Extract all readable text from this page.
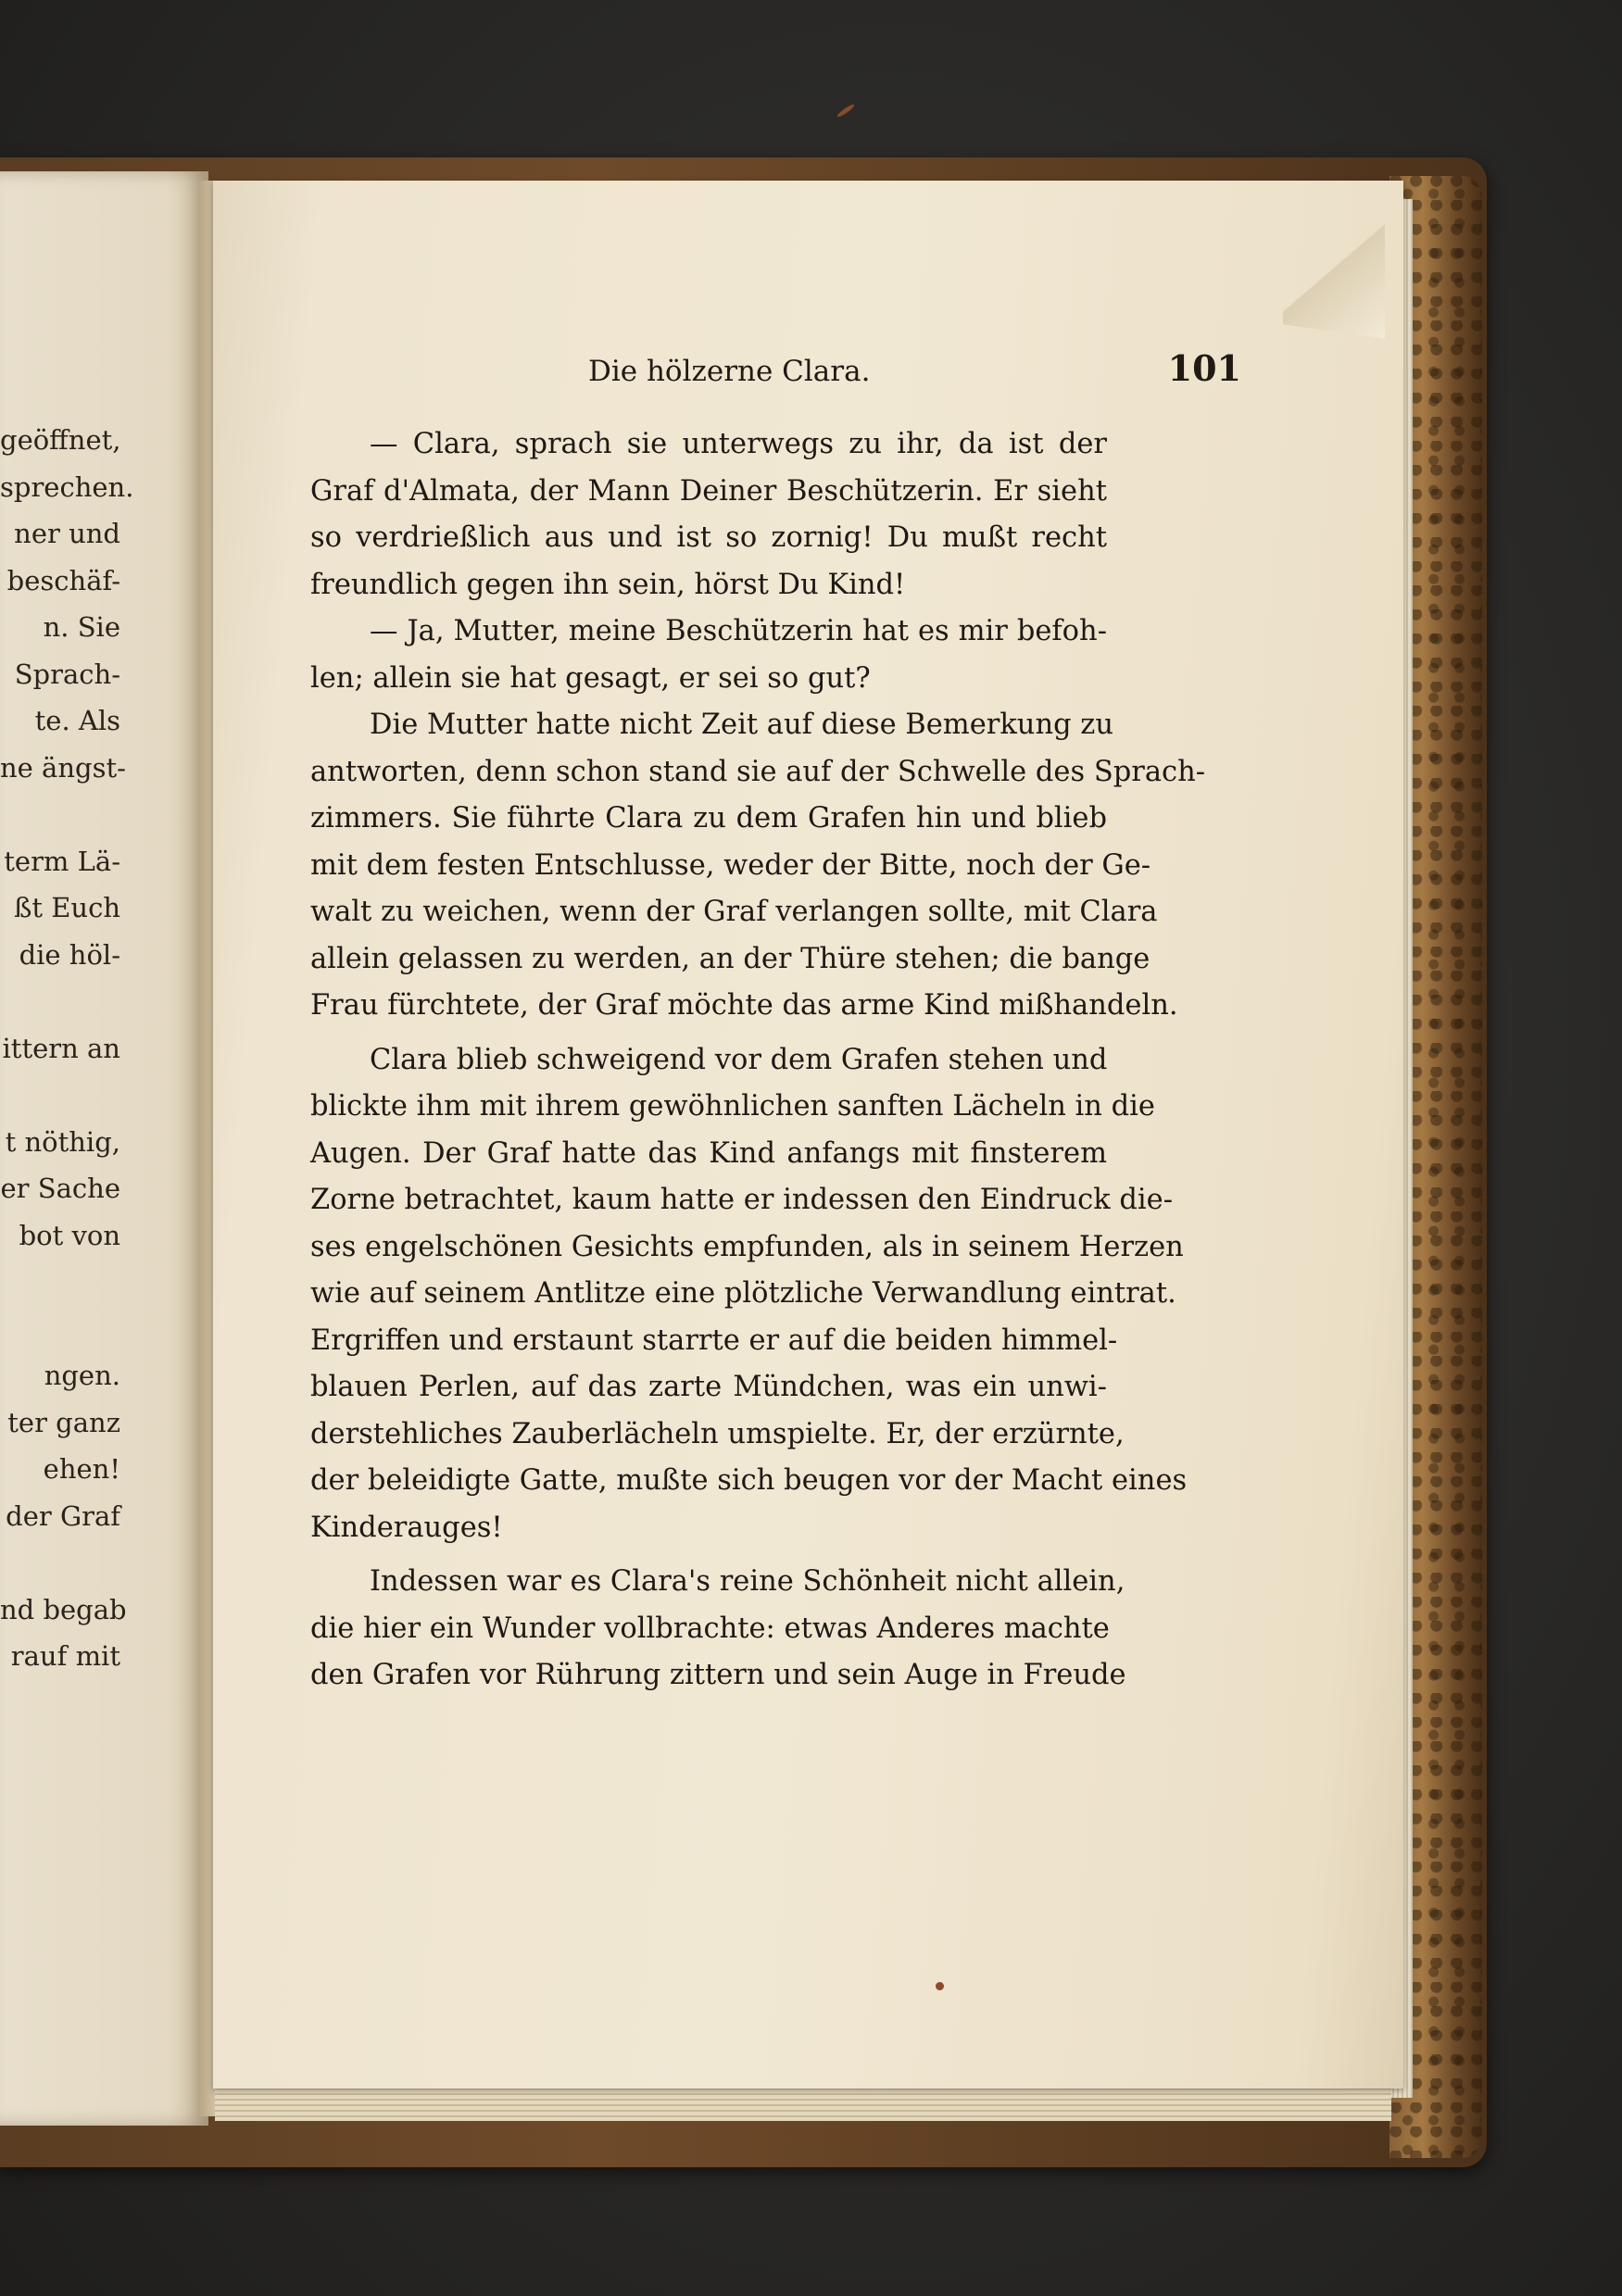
geöffnet,
sprechen.
ner und
beschäf-
n. Sie
Sprach-
te. Als
ne ängst-

term Lä-
ßt Euch
die höl-

ittern an

t nöthig,
er Sache
bot von

ngen.
ter ganz
ehen!
der Graf

nd begab
rauf mit
Die hölzerne Clara.	101

— Clara, sprach sie unterwegs zu ihr, da ist der
Graf d'Almata, der Mann Deiner Beschützerin. Er sieht
so verdrießlich aus und ist so zornig! Du mußt recht
freundlich gegen ihn sein, hörst Du Kind!

— Ja, Mutter, meine Beschützerin hat es mir befoh-
len; allein sie hat gesagt, er sei so gut?

Die Mutter hatte nicht Zeit auf diese Bemerkung zu
antworten, denn schon stand sie auf der Schwelle des Sprach-
zimmers. Sie führte Clara zu dem Grafen hin und blieb
mit dem festen Entschlusse, weder der Bitte, noch der Ge-
walt zu weichen, wenn der Graf verlangen sollte, mit Clara
allein gelassen zu werden, an der Thüre stehen; die bange
Frau fürchtete, der Graf möchte das arme Kind mißhandeln.

Clara blieb schweigend vor dem Grafen stehen und
blickte ihm mit ihrem gewöhnlichen sanften Lächeln in die
Augen. Der Graf hatte das Kind anfangs mit finsterem
Zorne betrachtet, kaum hatte er indessen den Eindruck die-
ses engelschönen Gesichts empfunden, als in seinem Herzen
wie auf seinem Antlitze eine plötzliche Verwandlung eintrat.
Ergriffen und erstaunt starrte er auf die beiden himmel-
blauen Perlen, auf das zarte Mündchen, was ein unwi-
derstehliches Zauberlächeln umspielte. Er, der erzürnte,
der beleidigte Gatte, mußte sich beugen vor der Macht eines
Kinderauges!

Indessen war es Clara's reine Schönheit nicht allein,
die hier ein Wunder vollbrachte: etwas Anderes machte
den Grafen vor Rührung zittern und sein Auge in Freude
